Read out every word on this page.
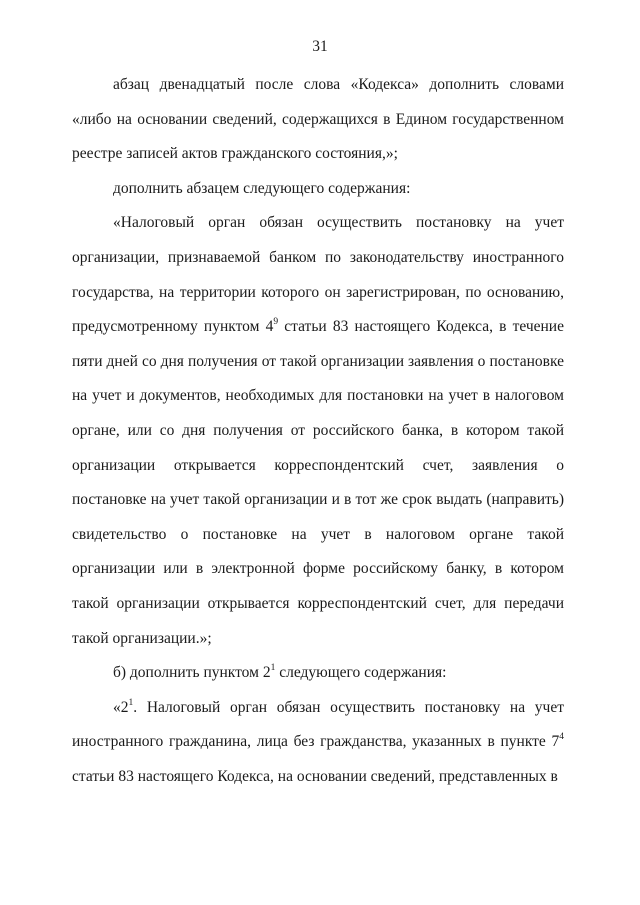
31

абзац двенадцатый после слова «Кодекса» дополнить словами «либо на основании сведений, содержащихся в Едином государственном реестре записей актов гражданского состояния,»;

дополнить абзацем следующего содержания:

«Налоговый орган обязан осуществить постановку на учет организации, признаваемой банком по законодательству иностранного государства, на территории которого он зарегистрирован, по основанию, предусмотренному пунктом $4^9$ статьи 83 настоящего Кодекса, в течение пяти дней со дня получения от такой организации заявления о постановке на учет и документов, необходимых для постановки на учет в налоговом органе, или со дня получения от российского банка, в котором такой организации открывается корреспондентский счет, заявления о постановке на учет такой организации и в тот же срок выдать (направить) свидетельство о постановке на учет в налоговом органе такой организации или в электронной форме российскому банку, в котором такой организации открывается корреспондентский счет, для передачи такой организации.»;

б) дополнить пунктом $2^1$ следующего содержания:

«$2^1$. Налоговый орган обязан осуществить постановку на учет иностранного гражданина, лица без гражданства, указанных в пункте $7^4$ статьи 83 настоящего Кодекса, на основании сведений, представленных в
